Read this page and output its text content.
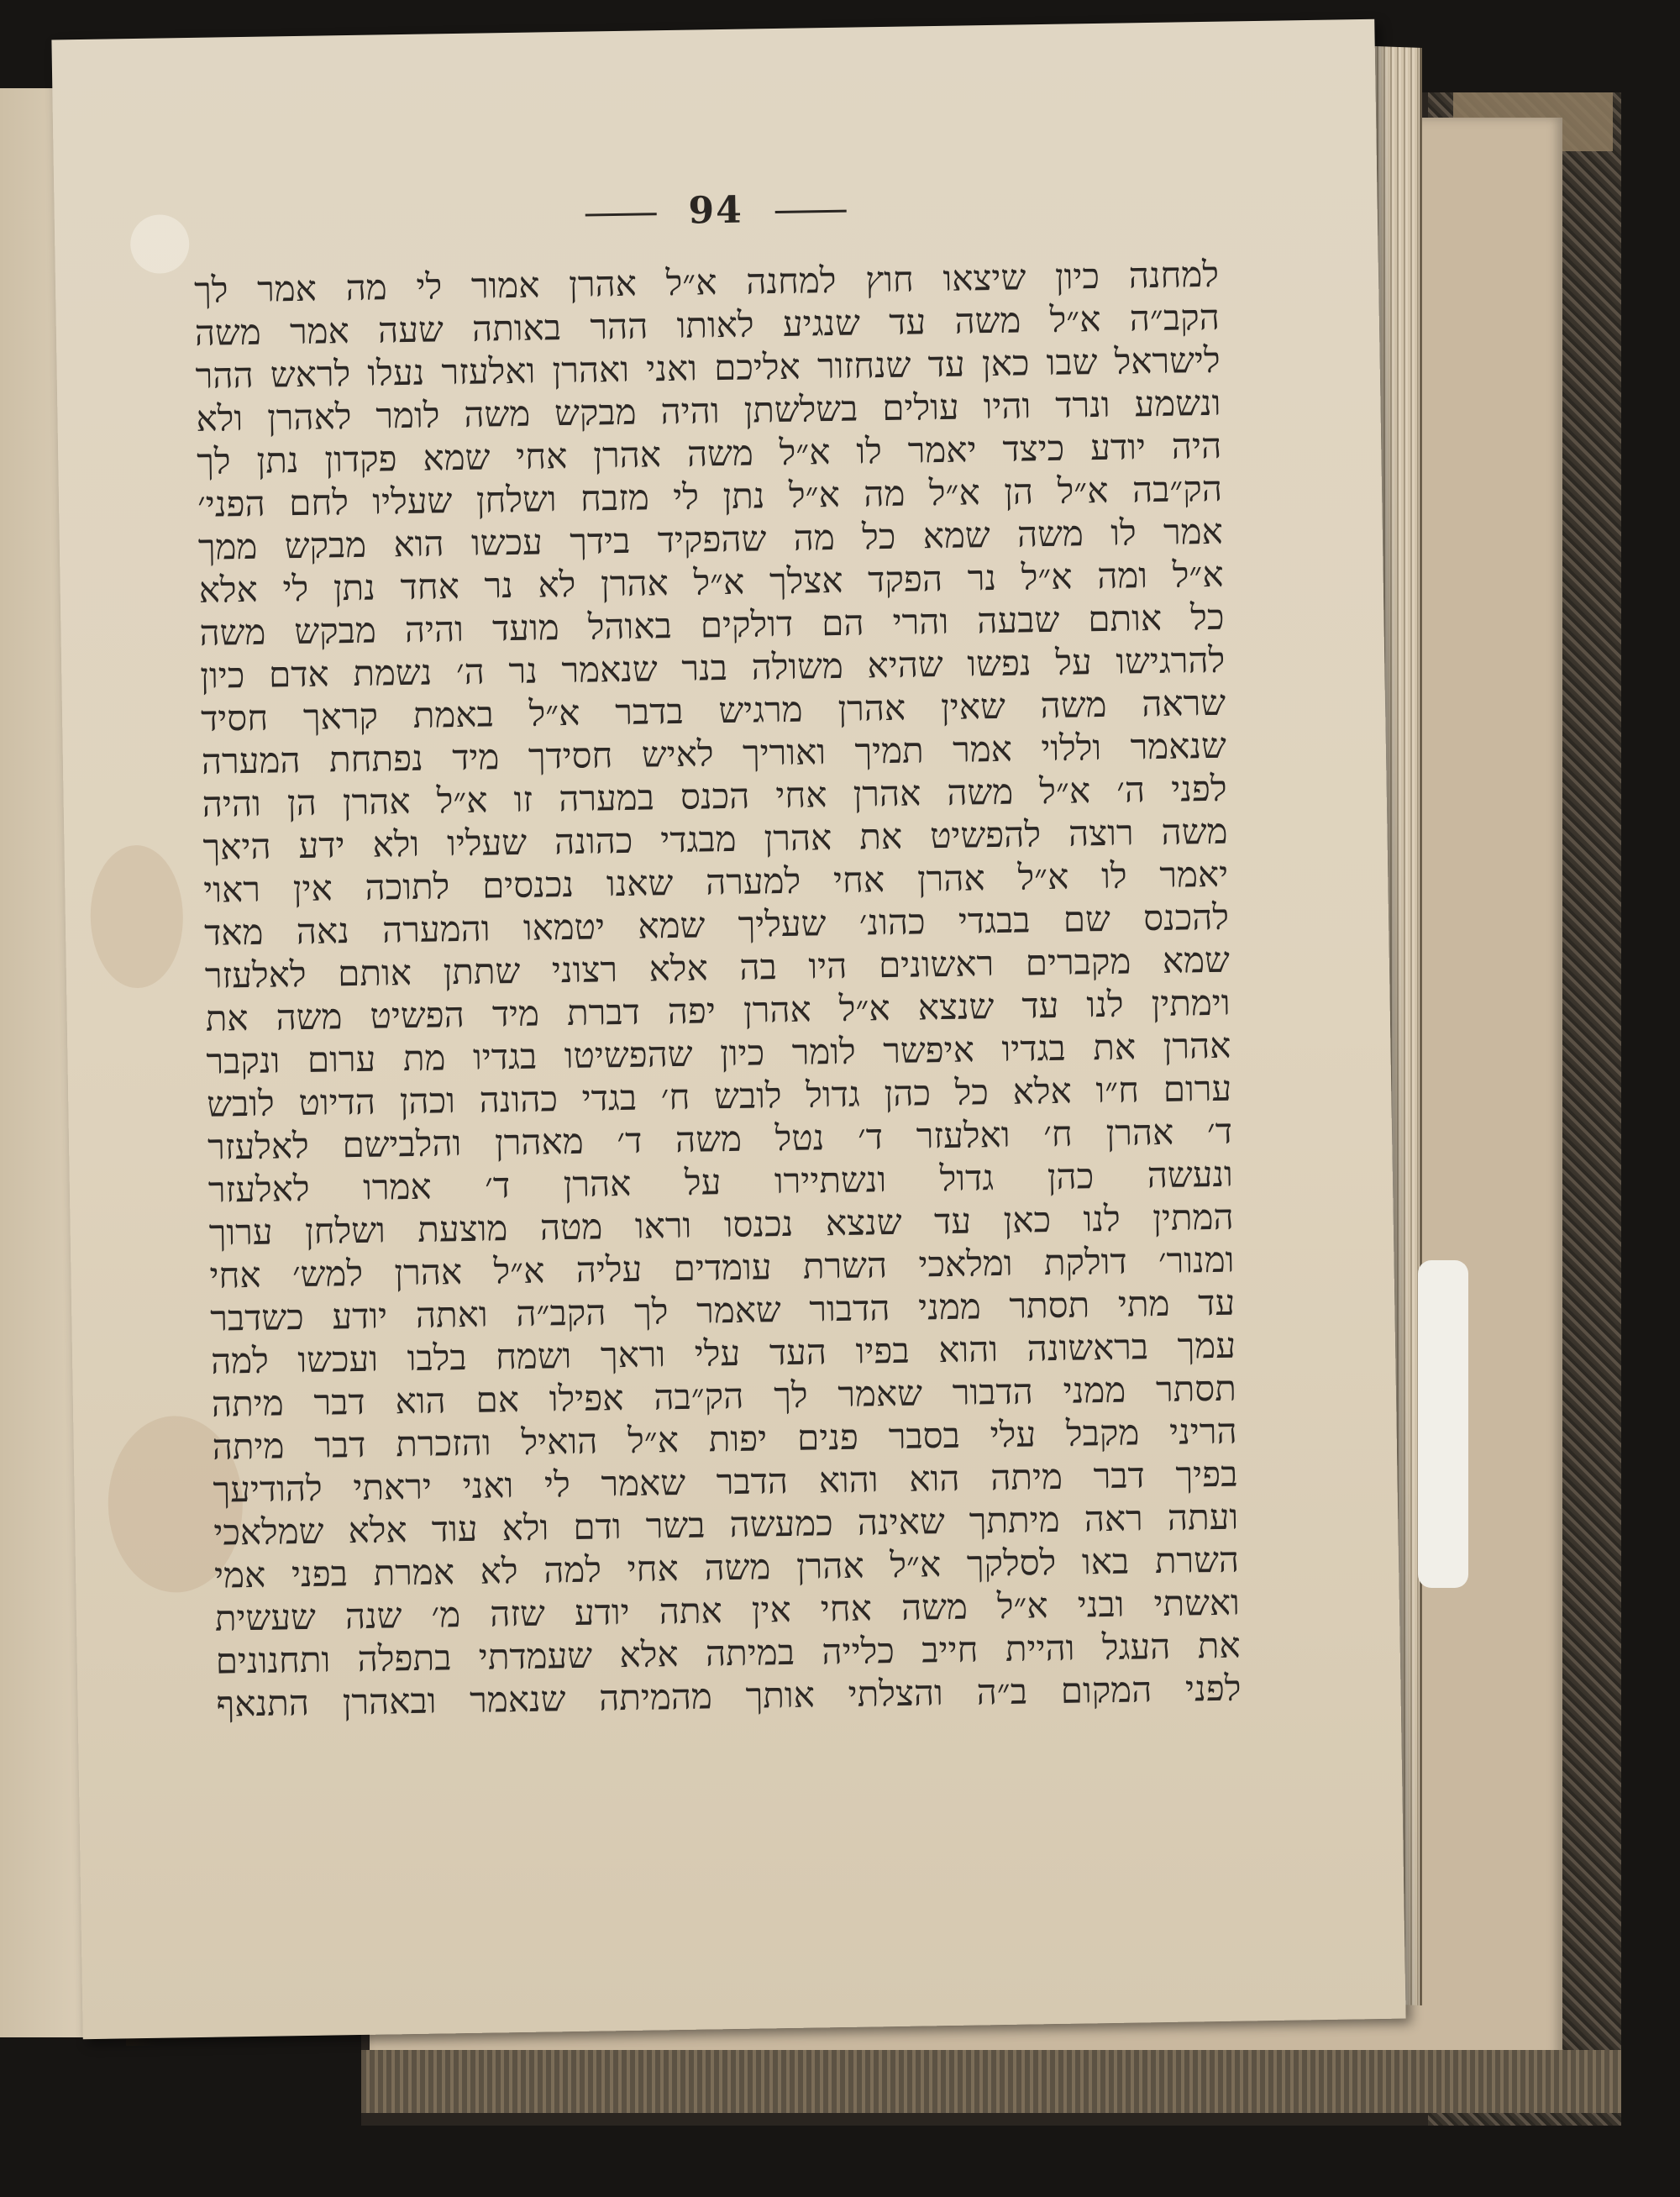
94
למחנה כיון שיצאו חוץ למחנה א״ל אהרן אמור לי מה אמר לך
הקב״ה א״ל משה עד שנגיע לאותו ההר באותה שעה אמר משה
לישראל שבו כאן עד שנחזור אליכם ואני ואהרן ואלעזר נעלו לראש ההר
ונשמע ונרד והיו עולים בשלשתן והיה מבקש משה לומר לאהרן ולא
היה יודע כיצד יאמר לו א״ל משה אהרן אחי שמא פקדון נתן לך
הק״בה א״ל הן א״ל מה א״ל נתן לי מזבח ושלחן שעליו לחם הפני׳
אמר לו משה שמא כל מה שהפקיד בידך עכשו הוא מבקש ממך
א״ל ומה א״ל נר הפקד אצלך א״ל אהרן לא נר אחד נתן לי אלא
כל אותם שבעה והרי הם דולקים באוהל מועד והיה מבקש משה
להרגישו על נפשו שהיא משולה בנר שנאמר נר ה׳ נשמת אדם כיון
שראה משה שאין אהרן מרגיש בדבר א״ל באמת קראך חסיד
שנאמר וללוי אמר תמיך ואוריך לאיש חסידך מיד נפתחת המערה
לפני ה׳ א״ל משה אהרן אחי הכנס במערה זו א״ל אהרן הן והיה
משה רוצה להפשיט את אהרן מבגדי כהונה שעליו ולא ידע היאך
יאמר לו א״ל אהרן אחי למערה שאנו נכנסים לתוכה אין ראוי
להכנס שם בבגדי כהונ׳ שעליך שמא יטמאו והמערה נאה מאד
שמא מקברים ראשונים היו בה אלא רצוני שתתן אותם לאלעזר
וימתין לנו עד שנצא א״ל אהרן יפה דברת מיד הפשיט משה את
אהרן את בגדיו איפשר לומר כיון שהפשיטו בגדיו מת ערום ונקבר
ערום ח״ו אלא כל כהן גדול לובש ח׳ בגדי כהונה וכהן הדיוט לובש
ד׳ אהרן ח׳ ואלעזר ד׳ נטל משה ד׳ מאהרן והלבישם לאלעזר
ונעשה כהן גדול ונשתיירו על אהרן ד׳ אמרו לאלעזר
המתין לנו כאן עד שנצא נכנסו וראו מטה מוצעת ושלחן ערוך
ומנור׳ דולקת ומלאכי השרת עומדים עליה א״ל אהרן למש׳ אחי
עד מתי תסתר ממני הדבור שאמר לך הקב״ה ואתה יודע כשדבר
עמך בראשונה והוא בפיו העד עלי וראך ושמח בלבו ועכשו למה
תסתר ממני הדבור שאמר לך הק״בה אפילו אם הוא דבר מיתה
הריני מקבל עלי בסבר פנים יפות א״ל הואיל והזכרת דבר מיתה
בפיך דבר מיתה הוא והוא הדבר שאמר לי ואני יראתי להודיעך
ועתה ראה מיתתך שאינה כמעשה בשר ודם ולא עוד אלא שמלאכי
השרת באו לסלקך א״ל אהרן משה אחי למה לא אמרת בפני אמי
ואשתי ובני א״ל משה אחי אין אתה יודע שזה מ׳ שנה שעשית
את העגל והיית חייב כלייה במיתה אלא שעמדתי בתפלה ותחנונים
לפני המקום ב״ה והצלתי אותך מהמיתה שנאמר ובאהרן התנאף
